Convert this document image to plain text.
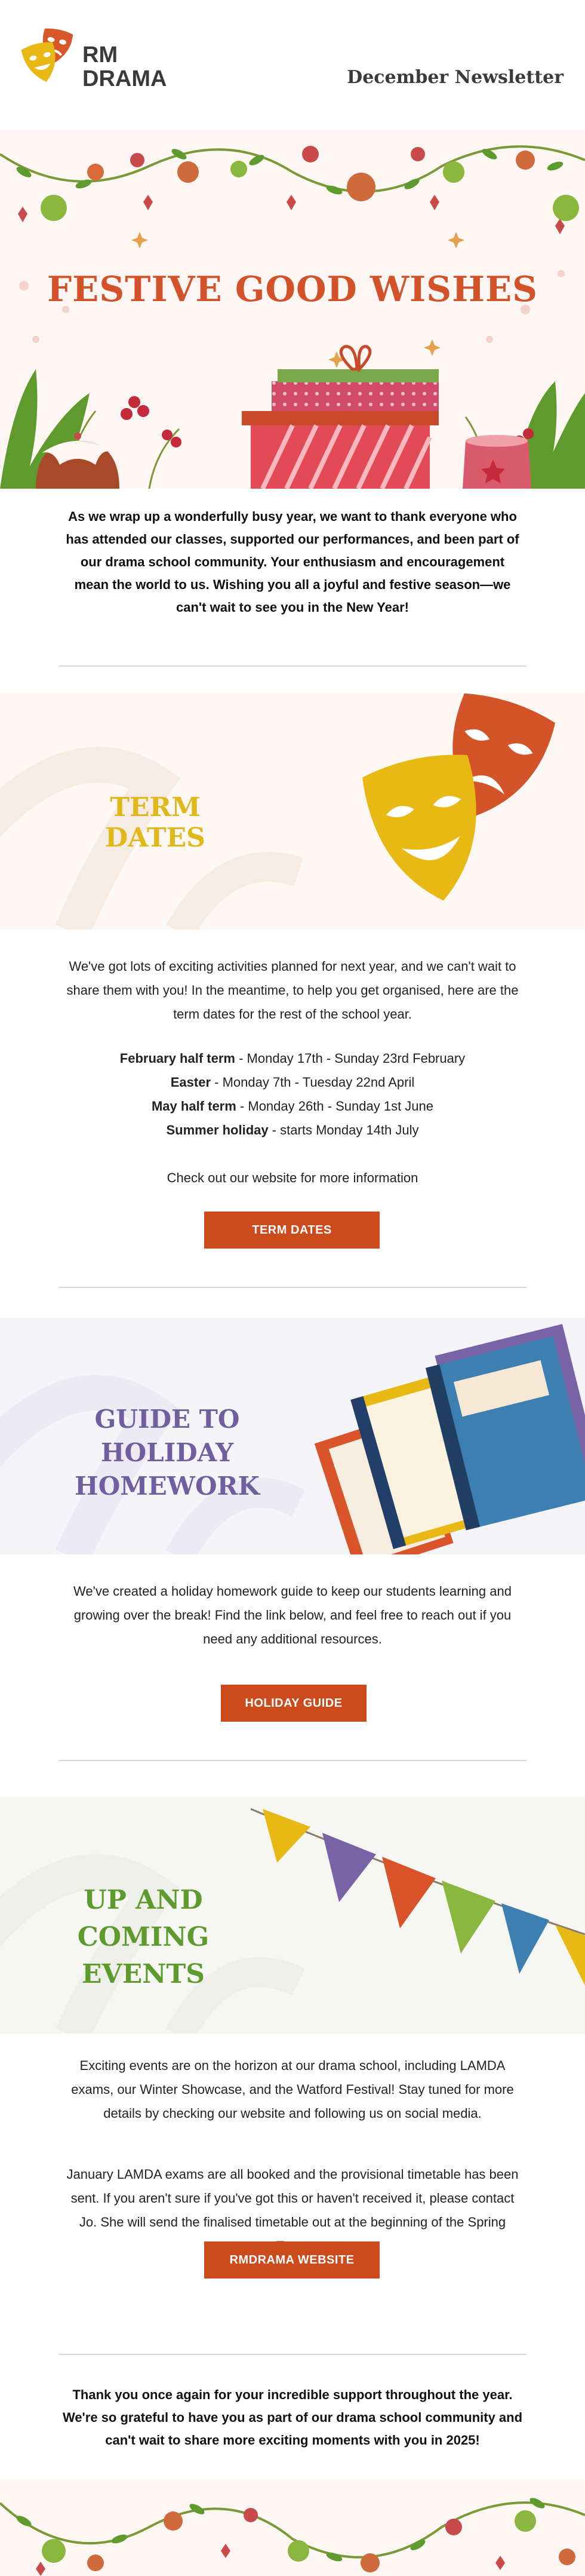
RM
DRAMA	December Newsletter
FESTIVE GOOD WISHES
As we wrap up a wonderfully busy year, we want to thank everyone who has attended our classes, supported our performances, and been part of our drama school community. Your enthusiasm and encouragement mean the world to us. Wishing you all a joyful and festive season—we can't wait to see you in the New Year!
TERM DATES
We've got lots of exciting activities planned for next year, and we can't wait to share them with you! In the meantime, to help you get organised, here are the term dates for the rest of the school year.
February half term - Monday 17th - Sunday 23rd February
Easter - Monday 7th - Tuesday 22nd April
May half term - Monday 26th - Sunday 1st June
Summer holiday - starts Monday 14th July
Check out our website for more information
TERM DATES
GUIDE TO HOLIDAY
HOMEWORK
We've created a holiday homework guide to keep our students learning and growing over the break! Find the link below, and feel free to reach out if you need any additional resources.
HOLIDAY GUIDE
UP AND COMING
EVENTS
Exciting events are on the horizon at our drama school, including LAMDA exams, our Winter Showcase, and the Watford Festival! Stay tuned for more details by checking our website and following us on social media.
January LAMDA exams are all booked and the provisional timetable has been sent. If you aren't sure if you've got this or haven't received it, please contact Jo. She will send the finalised timetable out at the beginning of the Spring
RMDRAMA WEBSITE
Thank you once again for your incredible support throughout the year. We're so grateful to have you as part of our drama school community and can't wait to share more exciting moments with you in 2025!
